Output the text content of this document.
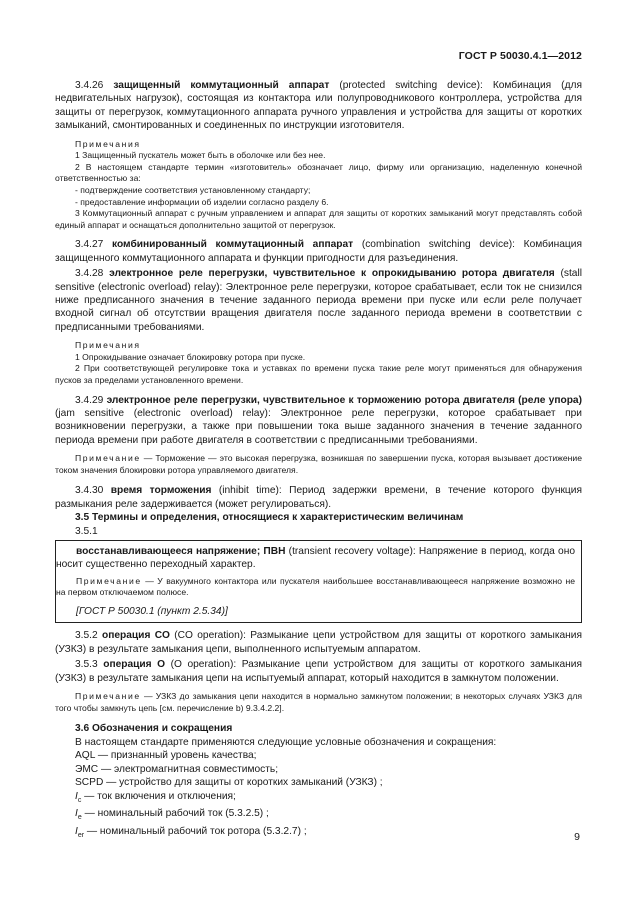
ГОСТ Р 50030.4.1—2012

3.4.26 защищенный коммутационный аппарат (protected switching device): Комбинация (для недвигательных нагрузок), состоящая из контактора или полупроводникового контроллера, устройства для защиты от перегрузок, коммутационного аппарата ручного управления и устройства для защиты от коротких замыканий, смонтированных и соединенных по инструкции изготовителя.

Примечания

1 Защищенный пускатель может быть в оболочке или без нее.

2 В настоящем стандарте термин «изготовитель» обозначает лицо, фирму или организацию, наделенную конечной ответственностью за:

- подтверждение соответствия установленному стандарту;

- предоставление информации об изделии согласно разделу 6.

3 Коммутационный аппарат с ручным управлением и аппарат для защиты от коротких замыканий могут представлять собой единый аппарат и оснащаться дополнительно защитой от перегрузок.

3.4.27 комбинированный коммутационный аппарат (combination switching device): Комбинация защищенного коммутационного аппарата и функции пригодности для разъединения.

3.4.28 электронное реле перегрузки, чувствительное к опрокидыванию ротора двигателя (stall sensitive (electronic overload) relay): Электронное реле перегрузки, которое срабатывает, если ток не снизился ниже предписанного значения в течение заданного периода времени при пуске или если реле получает входной сигнал об отсутствии вращения двигателя после заданного периода времени в соответствии с предписанными требованиями.

Примечания

1 Опрокидывание означает блокировку ротора при пуске.

2 При соответствующей регулировке тока и уставках по времени пуска такие реле могут применяться для обнаружения пусков за пределами установленного времени.

3.4.29 электронное реле перегрузки, чувствительное к торможению ротора двигателя (реле упора) (jam sensitive (electronic overload) relay): Электронное реле перегрузки, которое срабатывает при возникновении перегрузки, а также при повышении тока выше заданного значения в течение заданного периода времени при работе двигателя в соответствии с предписанными требованиями.

Примечание — Торможение — это высокая перегрузка, возникшая по завершении пуска, которая вызывает достижение током значения блокировки ротора управляемого двигателя.

3.4.30 время торможения (inhibit time): Период задержки времени, в течение которого функция размыкания реле задерживается (может регулироваться).

3.5 Термины и определения, относящиеся к характеристическим величинам

3.5.1

восстанавливающееся напряжение; ПВН (transient recovery voltage): Напряжение в период, когда оно носит существенно переходный характер.

Примечание — У вакуумного контактора или пускателя наибольшее восстанавливающееся напряжение возможно не на первом отключаемом полюсе.

[ГОСТ Р 50030.1 (пункт 2.5.34)]

3.5.2 операция CO (CO operation): Размыкание цепи устройством для защиты от короткого замыкания (УЗКЗ) в результате замыкания цепи, выполненного испытуемым аппаратом.

3.5.3 операция O (O operation): Размыкание цепи устройством для защиты от короткого замыкания (УЗКЗ) в результате замыкания цепи на испытуемый аппарат, который находится в замкнутом положении.

Примечание — УЗКЗ до замыкания цепи находится в нормально замкнутом положении; в некоторых случаях УЗКЗ для того чтобы замкнуть цепь [см. перечисление b) 9.3.4.2.2].

3.6 Обозначения и сокращения

В настоящем стандарте применяются следующие условные обозначения и сокращения:

AQL — признанный уровень качества;

ЭМС — электромагнитная совместимость;

SCPD — устройство для защиты от коротких замыканий (УЗКЗ) ;

$I_c$ — ток включения и отключения;

$I_e$ — номинальный рабочий ток (5.3.2.5) ;

$I_{er}$ — номинальный рабочий ток ротора (5.3.2.7) ;	9
